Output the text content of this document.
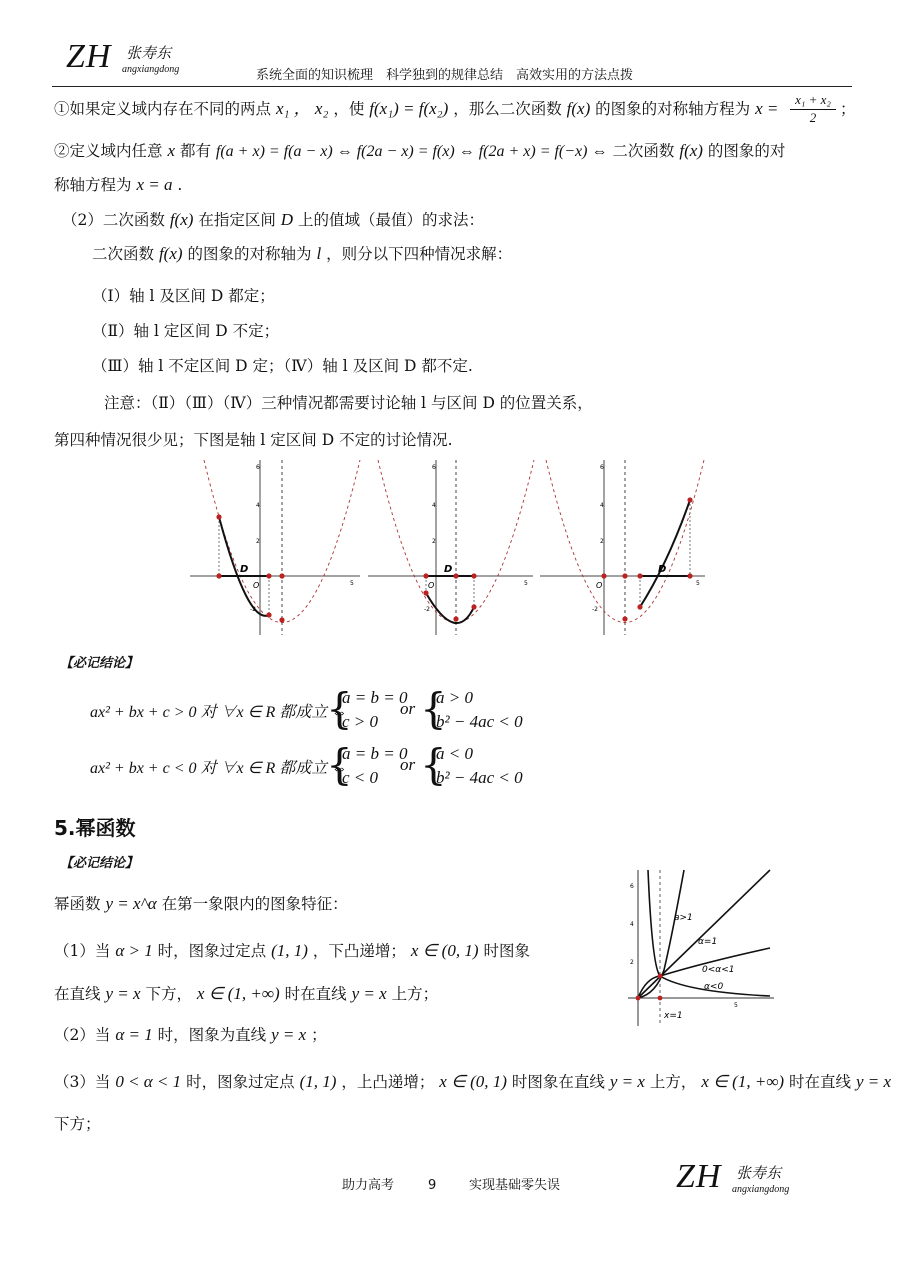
ZH 张寿东
angxiangdong	系统全面的知识梳理　科学独到的规律总结　高效实用的方法点拨
①如果定义域内存在不同的两点 x₁ ， x₂ ，使 f(x₁) = f(x₂) ，那么二次函数 f(x) 的图象的对称轴方程为 $x = \frac{\text{x₁ + x₂}}{2}$ ；
②定义域内任意 x 都有 f(a + x) = f(a − x) ⇔ f(2a − x) = f(x) ⇔ f(2a + x) = f(−x) ⇔ 二次函数 f(x) 的图象的对
称轴方程为 x = a .
（2）二次函数 f(x) 在指定区间 D 上的值域（最值）的求法：
二次函数 f(x) 的图象的对称轴为 l ，则分以下四种情况求解：
（Ⅰ）轴 l 及区间 D 都定；
（Ⅱ）轴 l 定区间 D 不定；
（Ⅲ）轴 l 不定区间 D 定；（Ⅳ）轴 l 及区间 D 都不定.
注意：（Ⅱ）（Ⅲ）（Ⅳ）三种情况都需要讨论轴 l 与区间 D 的位置关系，
第四种情况很少见；下图是轴 l 定区间 D 不定的讨论情况.
D
O
6
4
2
-2
5
D
O
6
4
2
-2
5
D
O
6
4
2
-2
5
【必记结论】
ax² + bx + c > 0 对 ∀x ∈ R 都成立 ⇔
{
a = b = 0
c > 0
or {
a > 0
b² − 4ac < 0
ax² + bx + c < 0 对 ∀x ∈ R 都成立 ⇔
{
a = b = 0
c < 0
or {
a < 0
b² − 4ac < 0
5.幂函数
【必记结论】
幂函数 y = x^α 在第一象限内的图象特征：
（1）当 α > 1 时，图象过定点 (1, 1) ，下凸递增； x ∈ (0, 1) 时图象
在直线 y = x 下方， x ∈ (1, +∞) 时在直线 y = x 上方；
（2）当 α = 1 时，图象为直线 y = x ；
（3）当 0 < α < 1 时，图象过定点 (1, 1) ，上凸递增； x ∈ (0, 1) 时图象在直线 y = x 上方， x ∈ (1, +∞) 时在直线 y = x
下方；
a>1
α=1
0<α<1
α<0
x=1
6
4
2
5
助力高考	9	实现基础零失误	ZH 张寿东
angxiangdong
